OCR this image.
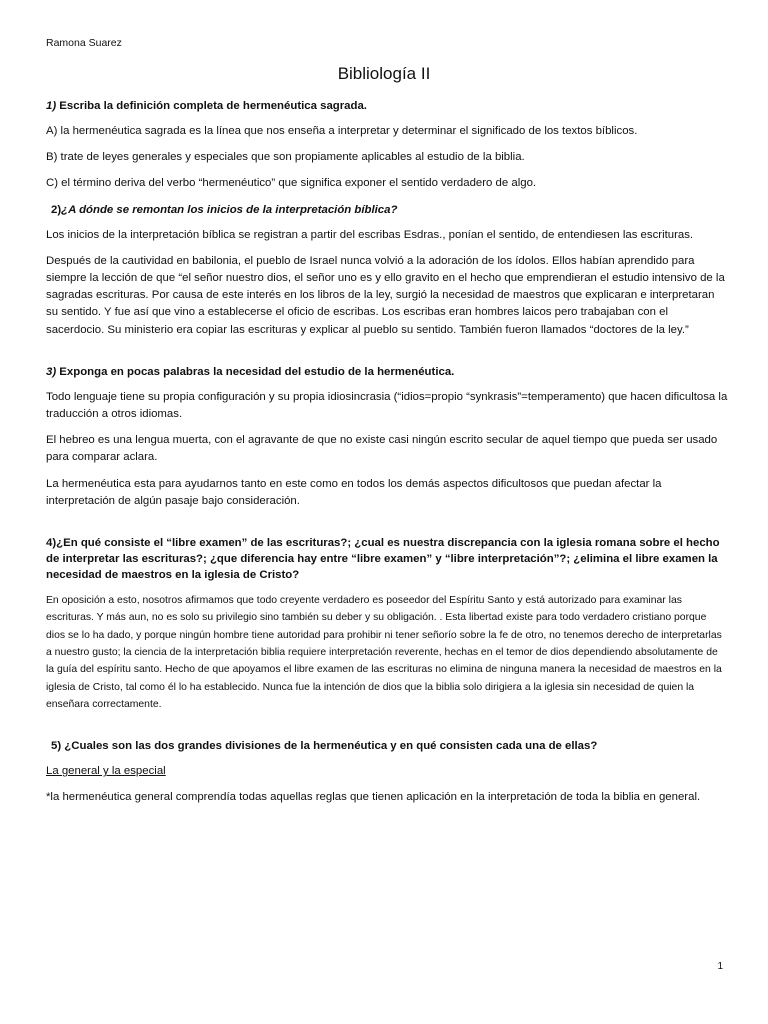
Ramona Suarez
Bibliología II
1) Escriba la definición completa de hermenéutica sagrada.
A) la hermenéutica sagrada es la línea que nos enseña a interpretar y determinar el significado de los textos bíblicos.
B) trate de leyes generales y especiales que son propiamente aplicables al estudio de la biblia.
C) el término deriva del verbo “hermenéutico” que significa exponer el sentido verdadero de algo.
2)¿A dónde se remontan los inicios de la interpretación bíblica?
Los inicios de la interpretación bíblica se registran a partir del escribas Esdras., ponían el sentido, de entendiesen las escrituras.
Después de la cautividad en babilonia, el pueblo de Israel nunca volvió a la adoración de los ídolos. Ellos habían aprendido para siempre la lección de que “el señor nuestro dios, el señor uno es y ello gravito en el hecho que emprendieran el estudio intensivo de la sagradas escrituras. Por causa de este interés en los libros de la ley, surgió la necesidad de maestros que explicaran e interpretaran su sentido. Y fue así que vino a establecerse el oficio de escribas. Los escribas eran hombres laicos pero trabajaban con el sacerdocio. Su ministerio era copiar las escrituras y explicar al pueblo su sentido. También fueron llamados “doctores de la ley.”
3) Exponga en pocas palabras la necesidad del estudio de la hermenéutica.
Todo lenguaje tiene su propia configuración y su propia idiosincrasia (“idios=propio “synkrasis”=temperamento) que hacen dificultosa la traducción a otros idiomas.
El hebreo es una lengua muerta, con el agravante de que no existe casi ningún escrito secular de aquel tiempo que pueda ser usado para comparar aclara.
La hermenéutica esta para ayudarnos tanto en este como en todos los demás aspectos dificultosos que puedan afectar la interpretación de algún pasaje bajo consideración.
4)¿En qué consiste el “libre examen” de las escrituras?; ¿cual es nuestra discrepancia con la iglesia romana sobre el hecho de interpretar las escrituras?; ¿que diferencia hay entre “libre examen” y “libre interpretación”?; ¿elimina el libre examen la necesidad de maestros en la iglesia de Cristo?
En oposición a esto, nosotros afirmamos que todo creyente verdadero es poseedor del Espíritu Santo y está autorizado para examinar las escrituras. Y más aun, no es solo su privilegio sino también su deber y su obligación. . Esta libertad existe para todo verdadero cristiano porque dios se lo ha dado, y porque ningún hombre tiene autoridad para prohibir ni tener señorío sobre la fe de otro, no tenemos derecho de interpretarlas a nuestro gusto; la ciencia de la interpretación biblia requiere interpretación reverente, hechas en el temor de dios dependiendo absolutamente de la guía del espíritu santo. Hecho de que apoyamos el libre examen de las escrituras no elimina de ninguna manera la necesidad de maestros en la iglesia de Cristo, tal como él lo ha establecido. Nunca fue la intención de dios que la biblia solo dirigiera a la iglesia sin necesidad de quien la enseñara correctamente.
5) ¿Cuales son las dos grandes divisiones de la hermenéutica y en qué consisten cada una de ellas?
La general y la especial
*la hermenéutica general comprendía todas aquellas reglas que tienen aplicación en la interpretación de toda la biblia en general.
1
